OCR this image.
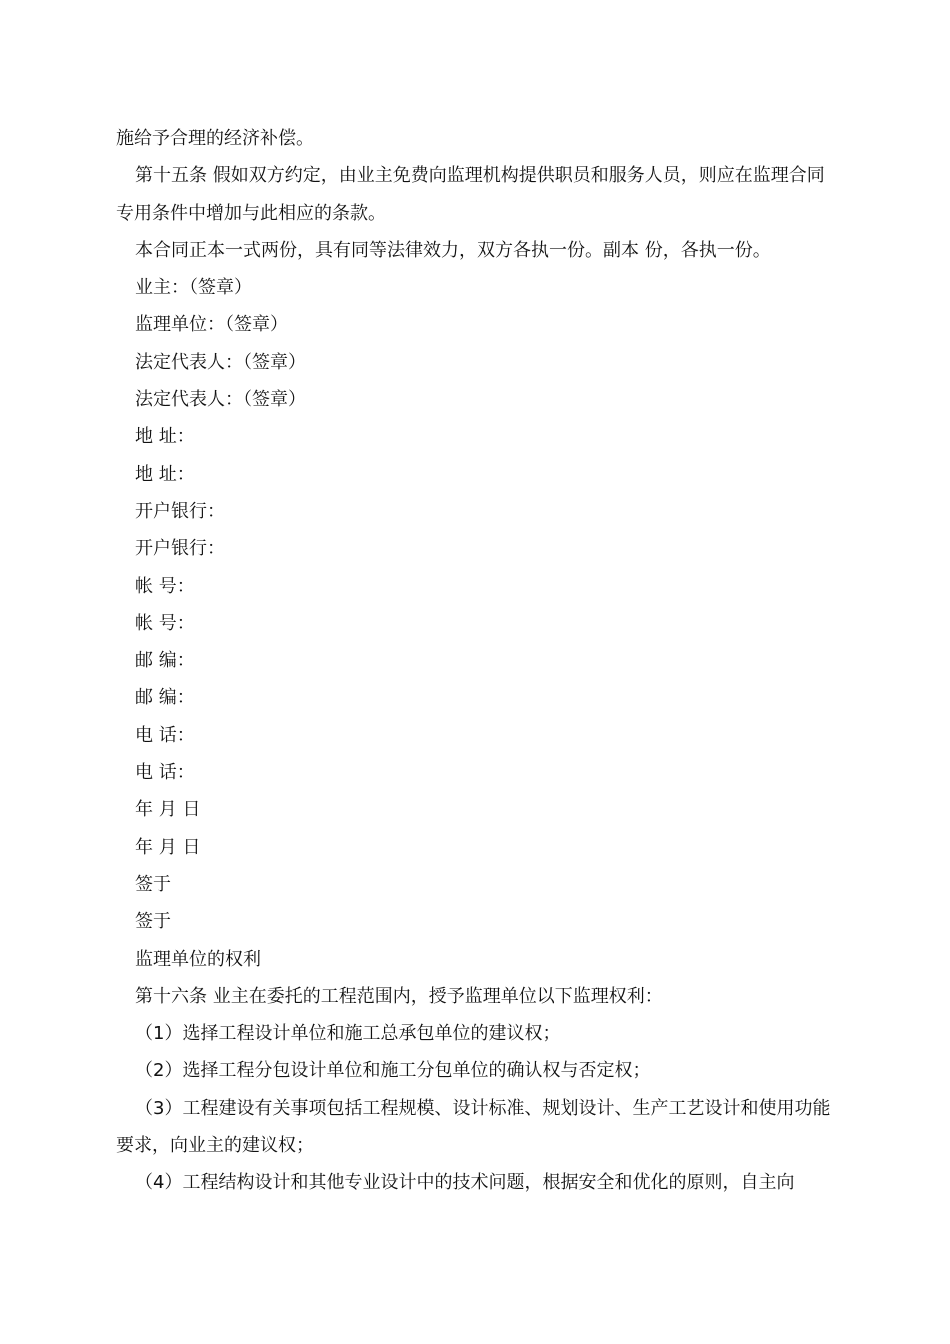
施给予合理的经济补偿。

第十五条 假如双方约定，由业主免费向监理机构提供职员和服务人员，则应在监理合同专用条件中增加与此相应的条款。

本合同正本一式两份，具有同等法律效力，双方各执一份。副本 份，各执一份。

业主：（签章）

监理单位：（签章）

法定代表人：（签章）

法定代表人：（签章）

地 址：

地 址：

开户银行：

开户银行：

帐 号：

帐 号：

邮 编：

邮 编：

电 话：

电 话：

年 月 日

年 月 日

签于

签于

监理单位的权利

第十六条 业主在委托的工程范围内，授予监理单位以下监理权利：

（1）选择工程设计单位和施工总承包单位的建议权；

（2）选择工程分包设计单位和施工分包单位的确认权与否定权；

（3）工程建设有关事项包括工程规模、设计标准、规划设计、生产工艺设计和使用功能要求，向业主的建议权；

（4）工程结构设计和其他专业设计中的技术问题，根据安全和优化的原则，自主向
